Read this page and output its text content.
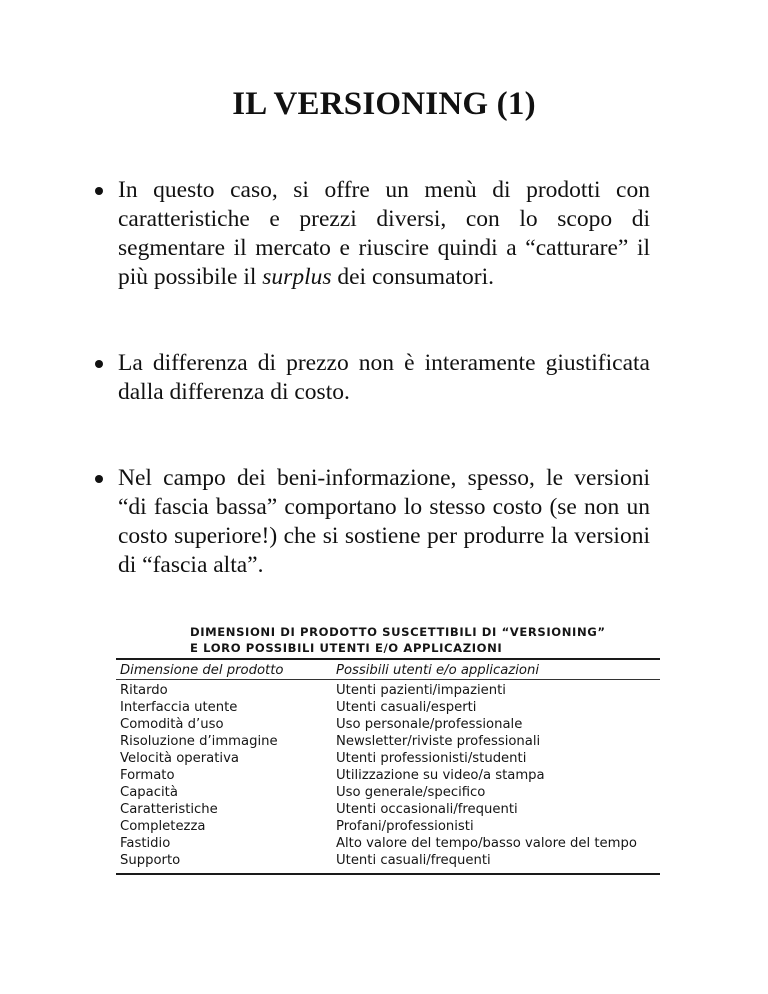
IL VERSIONING (1)
In questo caso, si offre un menù di prodotti con caratteristiche e prezzi diversi, con lo scopo di segmentare il mercato e riuscire quindi a “catturare” il più possibile il surplus dei consumatori.
La differenza di prezzo non è interamente giustificata dalla differenza di costo.
Nel campo dei beni-informazione, spesso, le versioni “di fascia bassa” comportano lo stesso costo (se non un costo superiore!) che si sostiene per produrre la versioni di “fascia alta”.
DIMENSIONI DI PRODOTTO SUSCETTIBILI DI “VERSIONING”
E LORO POSSIBILI UTENTI E/O APPLICAZIONI
Dimensione del prodotto	Possibili utenti e/o applicazioni

Ritardo	Utenti pazienti/impazienti
Interfaccia utente	Utenti casuali/esperti
Comodità d’uso	Uso personale/professionale
Risoluzione d’immagine	Newsletter/riviste professionali
Velocità operativa	Utenti professionisti/studenti
Formato	Utilizzazione su video/a stampa
Capacità	Uso generale/specifico
Caratteristiche	Utenti occasionali/frequenti
Completezza	Profani/professionisti
Fastidio	Alto valore del tempo/basso valore del tempo
Supporto	Utenti casuali/frequenti
